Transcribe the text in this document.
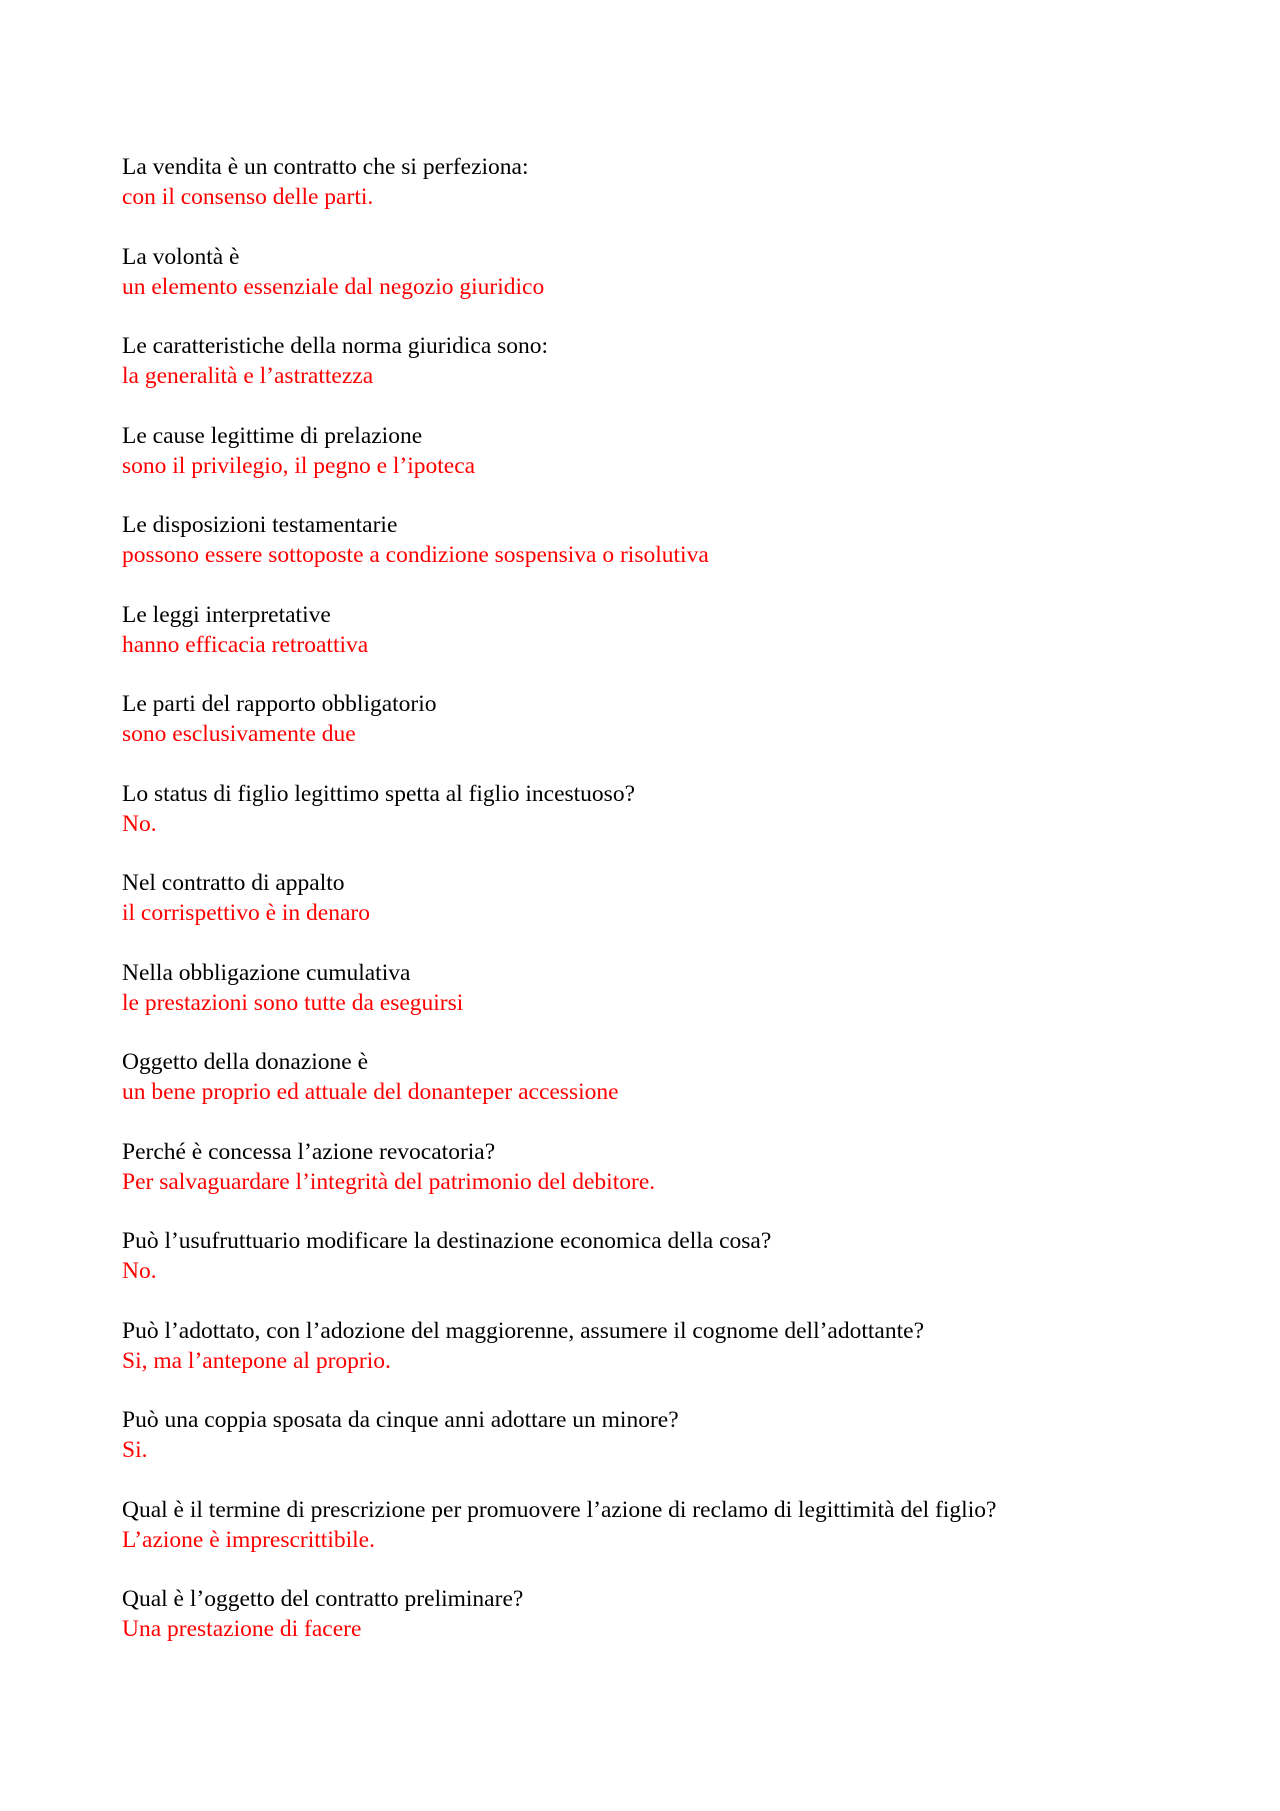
La vendita è un contratto che si perfeziona:
con il consenso delle parti.
La volontà è
un elemento essenziale dal negozio giuridico
Le caratteristiche della norma giuridica sono:
la generalità e l’astrattezza
Le cause legittime di prelazione
sono il privilegio, il pegno e l’ipoteca
Le disposizioni testamentarie
possono essere sottoposte a condizione sospensiva o risolutiva
Le leggi interpretative
hanno efficacia retroattiva
Le parti del rapporto obbligatorio
sono esclusivamente due
Lo status di figlio legittimo spetta al figlio incestuoso?
No.
Nel contratto di appalto
il corrispettivo è in denaro
Nella obbligazione cumulativa
le prestazioni sono tutte da eseguirsi
Oggetto della donazione è
un bene proprio ed attuale del donanteper accessione
Perché è concessa l’azione revocatoria?
Per salvaguardare l’integrità del patrimonio del debitore.
Può l’usufruttuario modificare la destinazione economica della cosa?
No.
Può l’adottato, con l’adozione del maggiorenne, assumere il cognome dell’adottante?
Si, ma l’antepone al proprio.
Può una coppia sposata da cinque anni adottare un minore?
Si.
Qual è il termine di prescrizione per promuovere l’azione di reclamo di legittimità del figlio?
L’azione è imprescrittibile.
Qual è l’oggetto del contratto preliminare?
Una prestazione di facere
